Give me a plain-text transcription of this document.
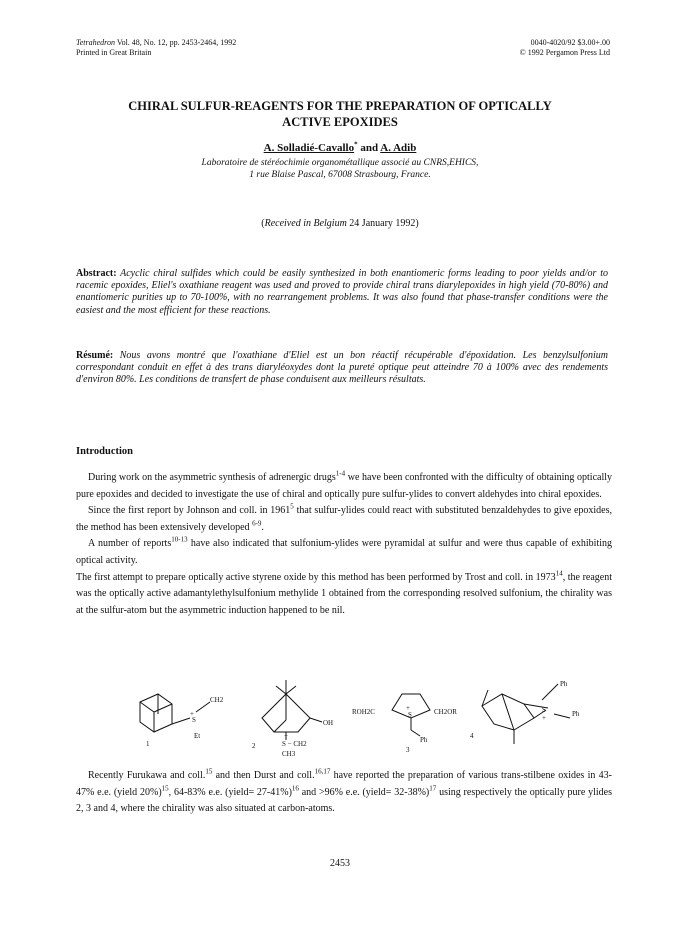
Tetrahedron Vol. 48, No. 12, pp. 2453-2464, 1992
Printed in Great Britain
0040-4020/92 $3.00+.00
© 1992 Pergamon Press Ltd
CHIRAL SULFUR-REAGENTS FOR THE PREPARATION OF OPTICALLY
ACTIVE EPOXIDES
A. Solladié-Cavallo* and A. Adib
Laboratoire de stéréochimie organométallique associé au CNRS,EHICS,
1 rue Blaise Pascal, 67008 Strasbourg, France.
(Received in Belgium 24 January 1992)
Abstract: Acyclic chiral sulfides which could be easily synthesized in both enantiomeric forms leading to poor yields and/or to racemic epoxides, Eliel's oxathiane reagent was used and proved to provide chiral trans diarylepoxides in high yield (70-80%) and enantiomeric purities up to 70-100%, with no rearrangement problems. It was also found that phase-transfer conditions were the easiest and the most efficient for these reactions.
Résumé: Nous avons montré que l'oxathiane d'Eliel est un bon réactif récupérable d'époxidation. Les benzylsulfonium correspondant conduit en effet à des trans diaryléoxydes dont la pureté optique peut atteindre 70 à 100% avec des rendements d'environ 80%. Les conditions de transfert de phase conduisent aux meilleurs résultats.
Introduction

During work on the asymmetric synthesis of adrenergic drugs$^{1-4}$ we have been confronted with the difficulty of obtaining optically pure epoxides and decided to investigate the use of chiral and optically pure sulfur-ylides to convert aldehydes into chiral epoxides.

Since the first report by Johnson and coll. in 1961$^5$ that sulfur-ylides could react with substituted benzaldehydes to give epoxides, the method has been extensively developed $^{6-9}$.

A number of reports$^{10-13}$ have also indicated that sulfonium-ylides were pyramidal at sulfur and were thus capable of exhibiting optical activity.

The first attempt to prepare optically active styrene oxide by this method has been performed by Trost and coll. in 1973$^{14}$, the reagent was the optically active adamantylethylsulfonium methylide 1 obtained from the corresponding resolved sulfonium, the chirality was at the sulfur-atom but the asymmetric induction happened to be nil.

S
+
CH2
Et
1
OH
+
S − CH2
CH3
2
ROH2C	CH2OR
S
+
Ph
3
Ph
Ph
S
+
4

Recently Furukawa and coll.$^{15}$ and then Durst and coll.$^{16,17}$ have reported the preparation of various trans-stilbene oxides in 43-47% e.e. (yield 20%)$^{15}$, 64-83% e.e. (yield= 27-41%)$^{16}$ and >96% e.e. (yield= 32-38%)$^{17}$ using respectively the optically pure ylides 2, 3 and 4, where the chirality was also situated at carbon-atoms.

2453
